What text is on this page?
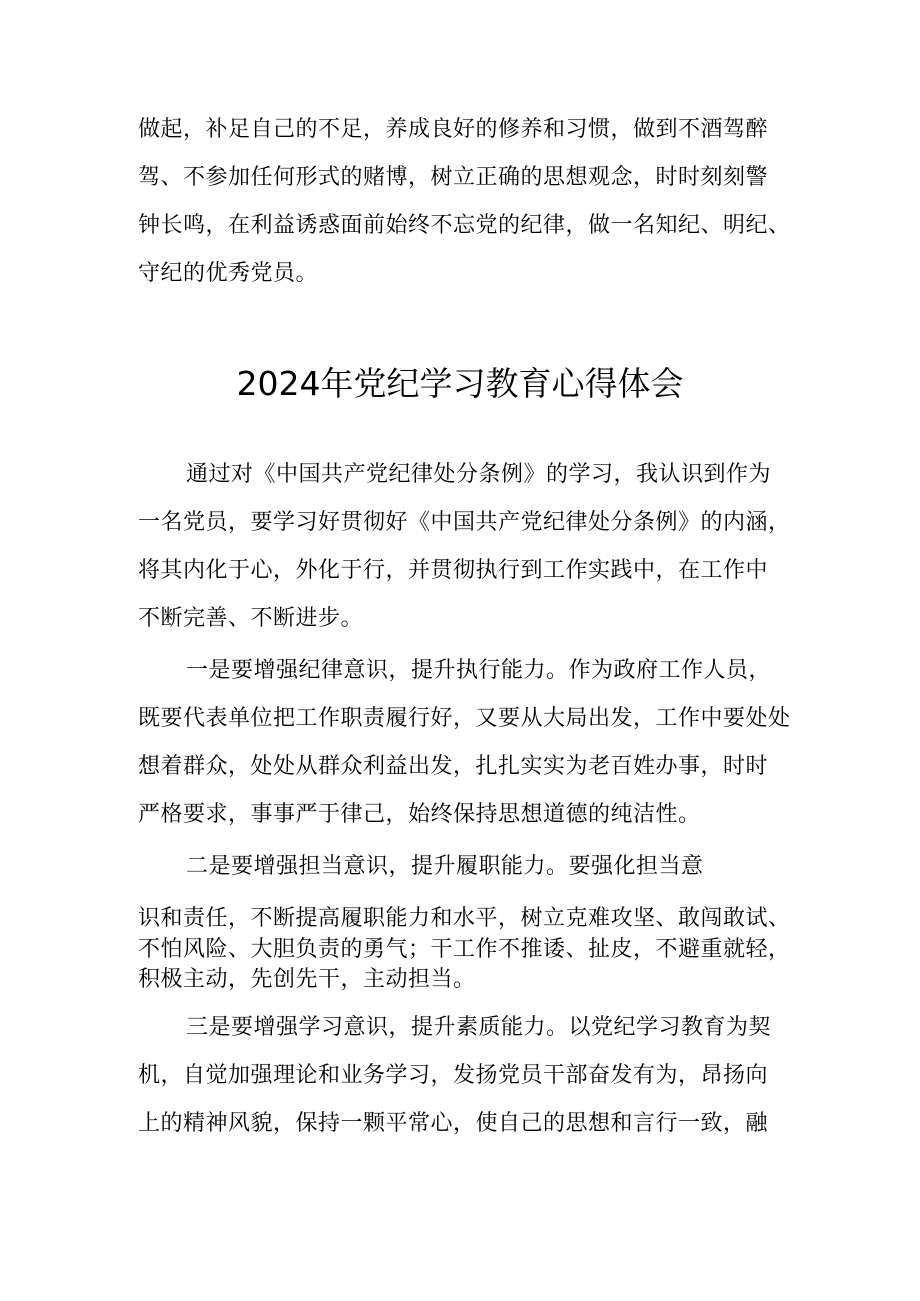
做起，补足自己的不足，养成良好的修养和习惯，做到不酒驾醉
驾、不参加任何形式的赌博，树立正确的思想观念，时时刻刻警
钟长鸣，在利益诱惑面前始终不忘党的纪律，做一名知纪、明纪、
守纪的优秀党员。
2024年党纪学习教育心得体会
通过对《中国共产党纪律处分条例》的学习，我认识到作为
一名党员，要学习好贯彻好《中国共产党纪律处分条例》的内涵，
将其内化于心，外化于行，并贯彻执行到工作实践中，在工作中
不断完善、不断进步。
一是要增强纪律意识，提升执行能力。作为政府工作人员，
既要代表单位把工作职责履行好，又要从大局出发，工作中要处处
想着群众，处处从群众利益出发，扎扎实实为老百姓办事，时时
严格要求，事事严于律己，始终保持思想道德的纯洁性。
二是要增强担当意识，提升履职能力。要强化担当意
识和责任，不断提高履职能力和水平，树立克难攻坚、敢闯敢试、
不怕风险、大胆负责的勇气；干工作不推诿、扯皮，不避重就轻，
积极主动，先创先干，主动担当。
三是要增强学习意识，提升素质能力。以党纪学习教育为契
机，自觉加强理论和业务学习，发扬党员干部奋发有为，昂扬向
上的精神风貌，保持一颗平常心，使自己的思想和言行一致，融
